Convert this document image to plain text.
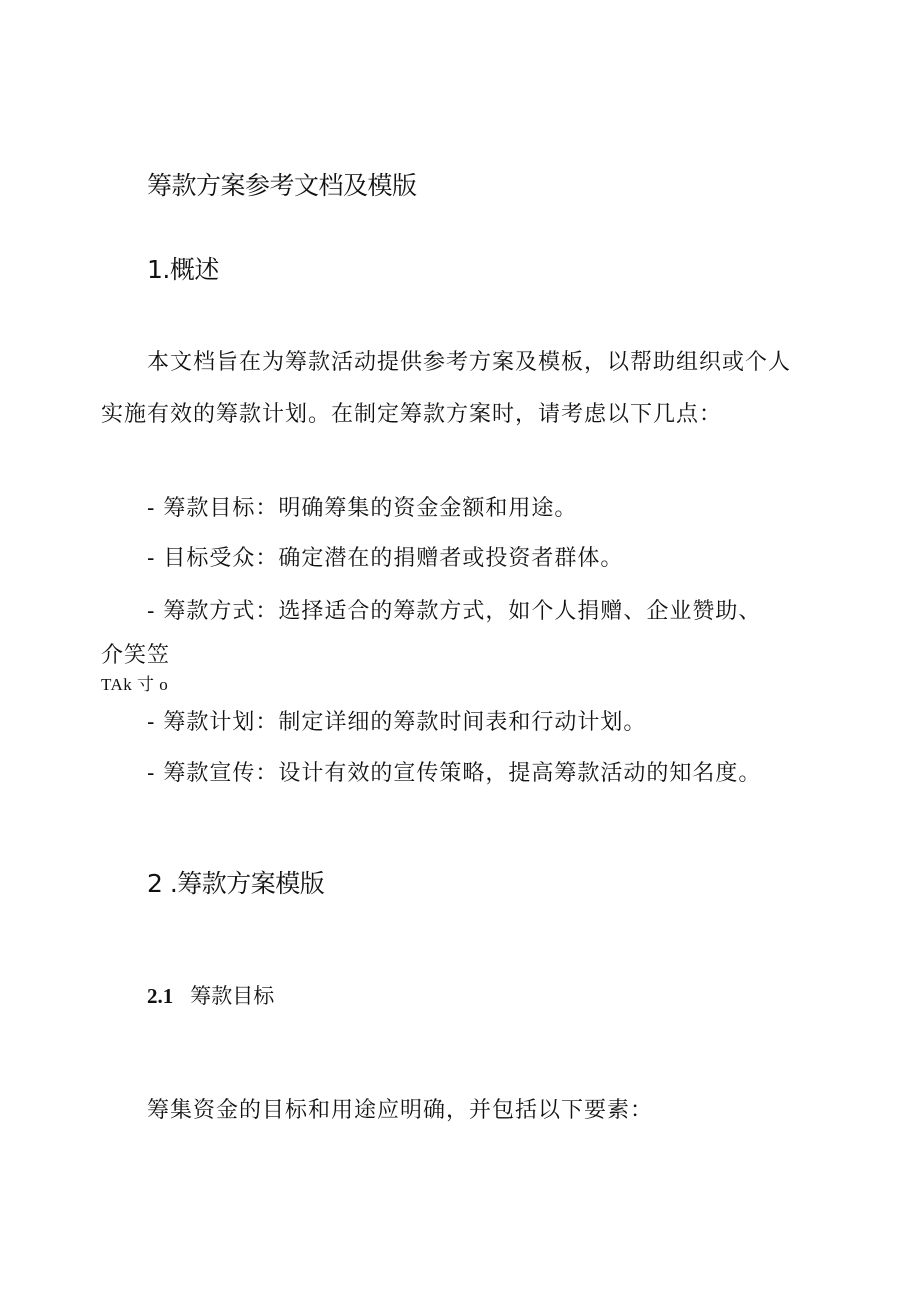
筹款方案参考文档及模版
1.概述
本文档旨在为筹款活动提供参考方案及模板，以帮助组织或个人
实施有效的筹款计划。在制定筹款方案时，请考虑以下几点：
- 筹款目标：明确筹集的资金金额和用途。
- 目标受众：确定潜在的捐赠者或投资者群体。
- 筹款方式：选择适合的筹款方式，如个人捐赠、企业赞助、
介笑笠
TAk 寸 o
- 筹款计划：制定详细的筹款时间表和行动计划。
- 筹款宣传：设计有效的宣传策略，提高筹款活动的知名度。
2 .筹款方案模版
2.1 筹款目标
筹集资金的目标和用途应明确，并包括以下要素：
